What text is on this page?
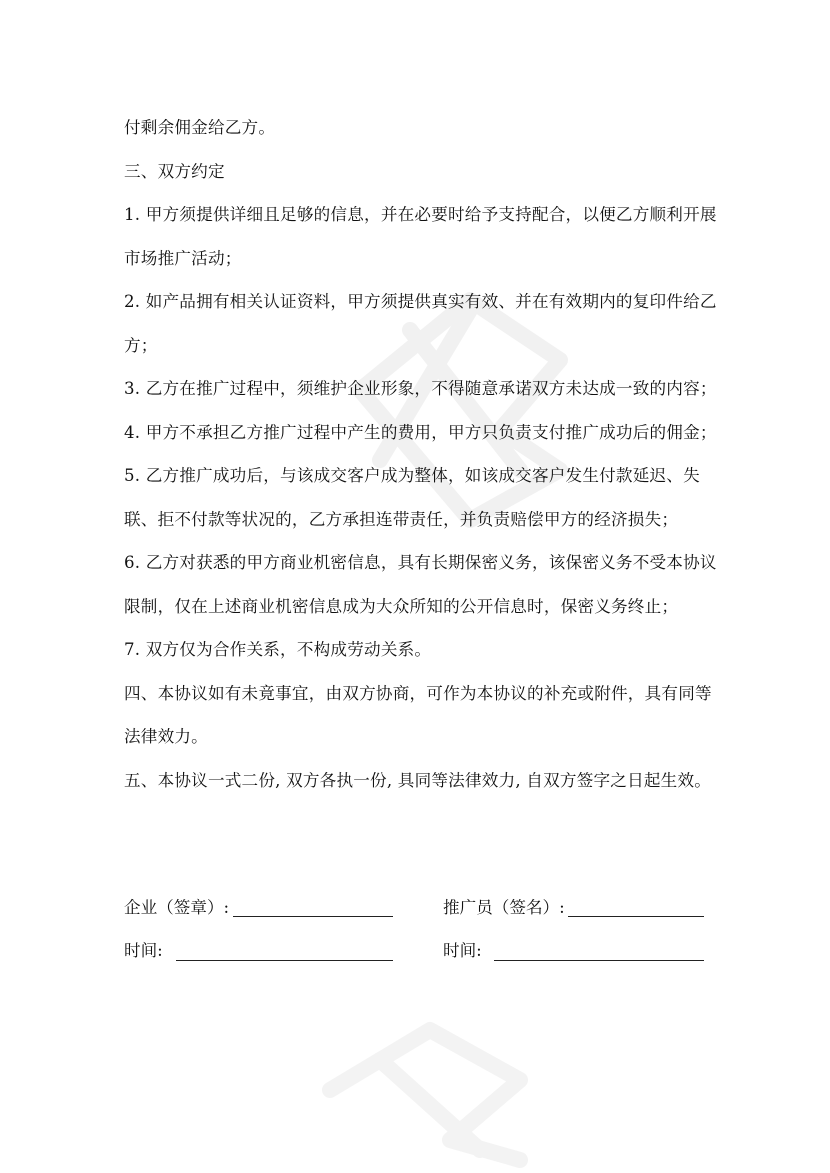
付剩余佣金给乙方。

三、双方约定

1. 甲方须提供详细且足够的信息，并在必要时给予支持配合，以便乙方顺利开展市场推广活动；

2. 如产品拥有相关认证资料，甲方须提供真实有效、并在有效期内的复印件给乙方；

3. 乙方在推广过程中，须维护企业形象，不得随意承诺双方未达成一致的内容；

4. 甲方不承担乙方推广过程中产生的费用，甲方只负责支付推广成功后的佣金；

5. 乙方推广成功后，与该成交客户成为整体，如该成交客户发生付款延迟、失联、拒不付款等状况的，乙方承担连带责任，并负责赔偿甲方的经济损失；

6. 乙方对获悉的甲方商业机密信息，具有长期保密义务，该保密义务不受本协议限制，仅在上述商业机密信息成为大众所知的公开信息时，保密义务终止；

7. 双方仅为合作关系，不构成劳动关系。

四、本协议如有未竟事宜，由双方协商，可作为本协议的补充或附件，具有同等法律效力。

五、本协议一式二份, 双方各执一份, 具同等法律效力, 自双方签字之日起生效。

企业（签章）:	推广员（签名）:
时间:	时间:
